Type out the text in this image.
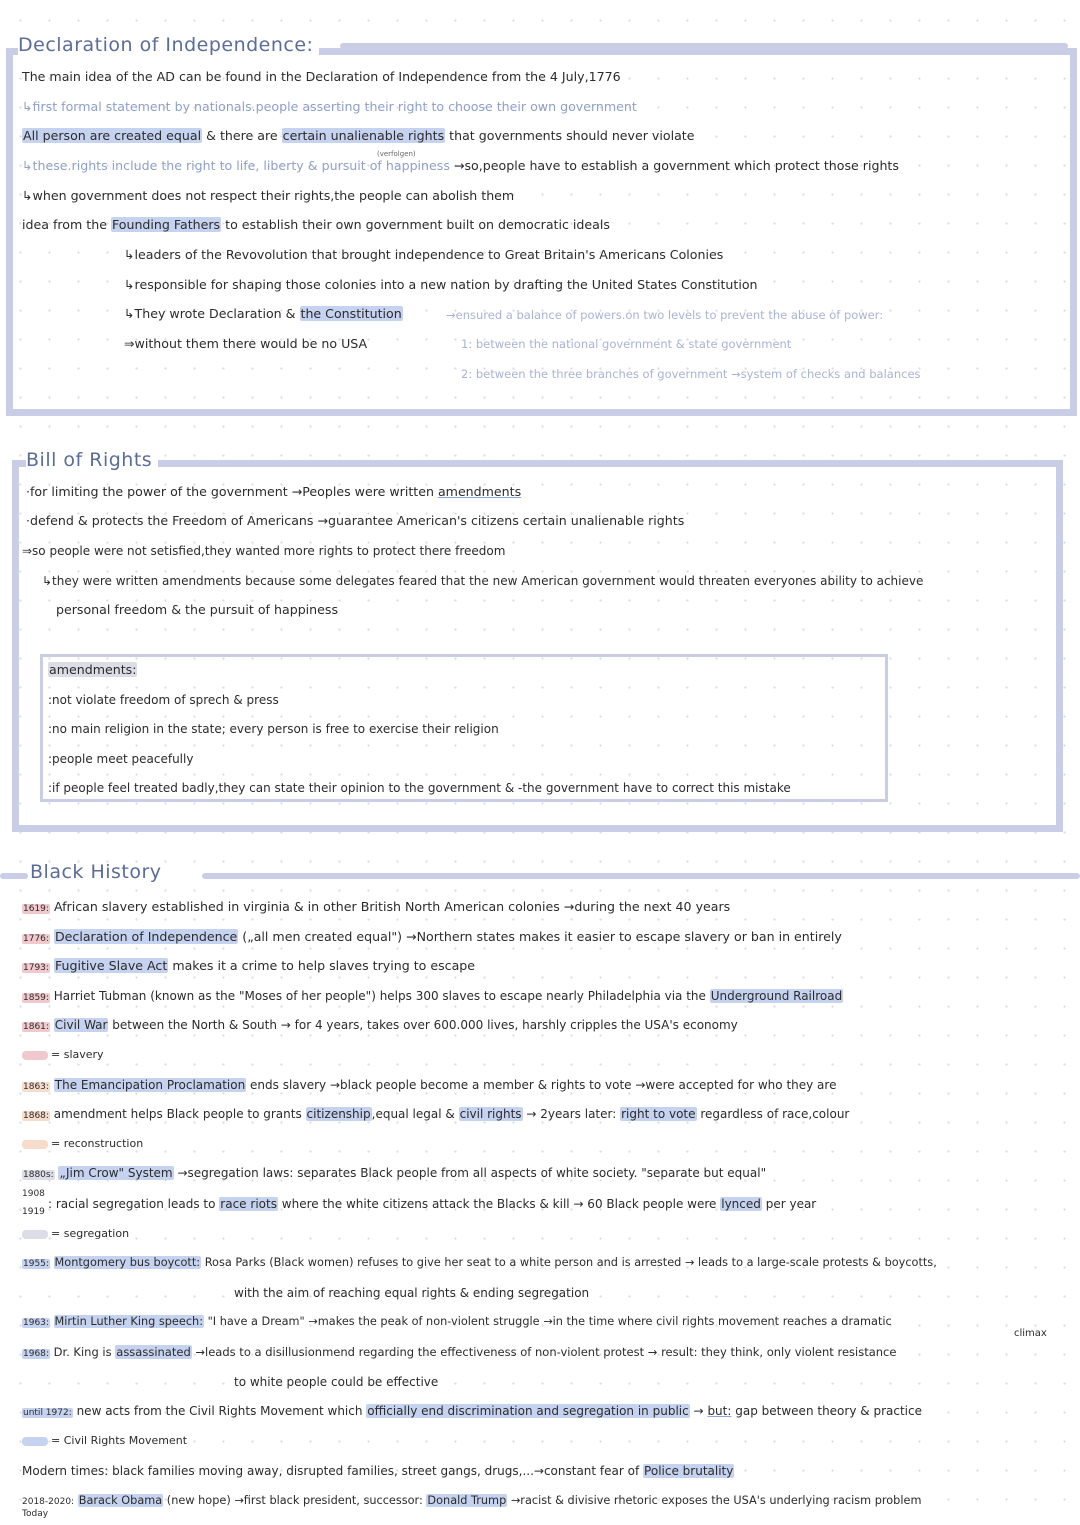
Declaration of Independence:
The main idea of the AD can be found in the Declaration of Independence from the 4 July,1776
↳first formal statement by nationals.people asserting their right to choose their own government
All person are created equal & there are certain unalienable rights that governments should never violate
(verfolgen)
↳these.rights include the right to life, liberty & pursuit of happiness →so,people have to establish a government which protect those rights
↳when government does not respect their rights,the people can abolish them
idea from the Founding Fathers to establish their own government built on democratic ideals
↳leaders of the Revovolution that brought independence to Great Britain's Americans Colonies
↳responsible for shaping those colonies into a new nation by drafting the United States Constitution
↳They wrote Declaration & the Constitution	→ensured a balance of powers.on two levels to prevent the abuse of power:
⇒without them there would be no USA	1: between the national government & state government
2: between the three branches of government →system of checks and balances
Bill of Rights
·for limiting the power of the government →Peoples were written amendments
·defend & protects the Freedom of Americans →guarantee American's citizens certain unalienable rights
⇒so people were not setisfied,they wanted more rights to protect there freedom
↳they were written amendments because some delegates feared that the new American government would threaten everyones ability to achieve
personal freedom & the pursuit of happiness
amendments:
:not violate freedom of sprech & press
:no main religion in the state; every person is free to exercise their religion
:people meet peacefully
:if people feel treated badly,they can state their opinion to the government & -the government have to correct this mistake
Black History
1619: African slavery established in virginia & in other British North American colonies →during the next 40 years
1776: Declaration of Independence („all men created equal") →Northern states makes it easier to escape slavery or ban in entirely
1793: Fugitive Slave Act makes it a crime to help slaves trying to escape
1859: Harriet Tubman (known as the "Moses of her people") helps 300 slaves to escape nearly Philadelphia via the Underground Railroad
1861: Civil War between the North & South → for 4 years, takes over 600.000 lives, harshly cripples the USA's economy
= slavery
1863: The Emancipation Proclamation ends slavery →black people become a member & rights to vote →were accepted for who they are
1868: amendment helps Black people to grants citizenship,equal legal & civil rights → 2years later: right to vote regardless of race,colour
= reconstruction
1880s: „Jim Crow" System →segregation laws: separates Black people from all aspects of white society. "separate but equal"
1908
1919
: racial segregation leads to race riots where the white citizens attack the Blacks & kill → 60 Black people were lynced per year
= segregation
1955: Montgomery bus boycott: Rosa Parks (Black women) refuses to give her seat to a white person and is arrested → leads to a large-scale protests & boycotts,
with the aim of reaching equal rights & ending segregation
1963: Mirtin Luther King speech: "I have a Dream" →makes the peak of non-violent struggle →in the time where civil rights movement reaches a dramatic
climax
1968: Dr. King is assassinated →leads to a disillusionmend regarding the effectiveness of non-violent protest → result: they think, only violent resistance
to white people could be effective
until 1972: new acts from the Civil Rights Movement which officially end discrimination and segregation in public → but: gap between theory & practice
= Civil Rights Movement
Modern times: black families moving away, disrupted families, street gangs, drugs,...→constant fear of Police brutality
2018-2020: Barack Obama (new hope) →first black president, successor: Donald Trump →racist & divisive rhetoric exposes the USA's underlying racism problem
Today
